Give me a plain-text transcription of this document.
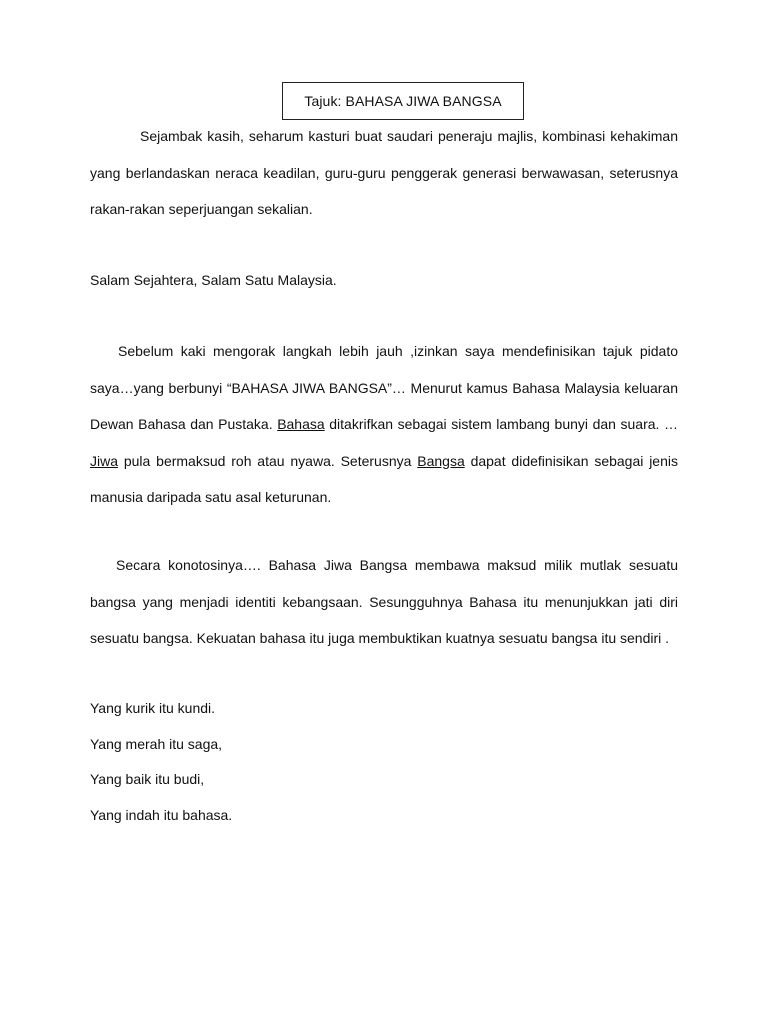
Tajuk: BAHASA JIWA BANGSA
Sejambak kasih, seharum kasturi buat saudari peneraju majlis, kombinasi kehakiman yang berlandaskan neraca keadilan, guru-guru penggerak generasi berwawasan, seterusnya rakan-rakan seperjuangan sekalian.
Salam Sejahtera, Salam Satu Malaysia.
Sebelum kaki mengorak langkah lebih jauh ,izinkan saya mendefinisikan tajuk pidato saya…yang berbunyi “BAHASA JIWA BANGSA”… Menurut kamus Bahasa Malaysia keluaran Dewan Bahasa dan Pustaka. Bahasa ditakrifkan sebagai sistem lambang bunyi dan suara. …Jiwa pula bermaksud roh atau nyawa. Seterusnya Bangsa dapat didefinisikan sebagai jenis manusia daripada satu asal keturunan.
Secara konotosinya…. Bahasa Jiwa Bangsa membawa maksud milik mutlak sesuatu bangsa yang menjadi identiti kebangsaan. Sesungguhnya Bahasa itu menunjukkan jati diri sesuatu bangsa. Kekuatan bahasa itu juga membuktikan kuatnya sesuatu bangsa itu sendiri .
Yang kurik itu kundi.
Yang merah itu saga,
Yang baik itu budi,
Yang indah itu bahasa.
